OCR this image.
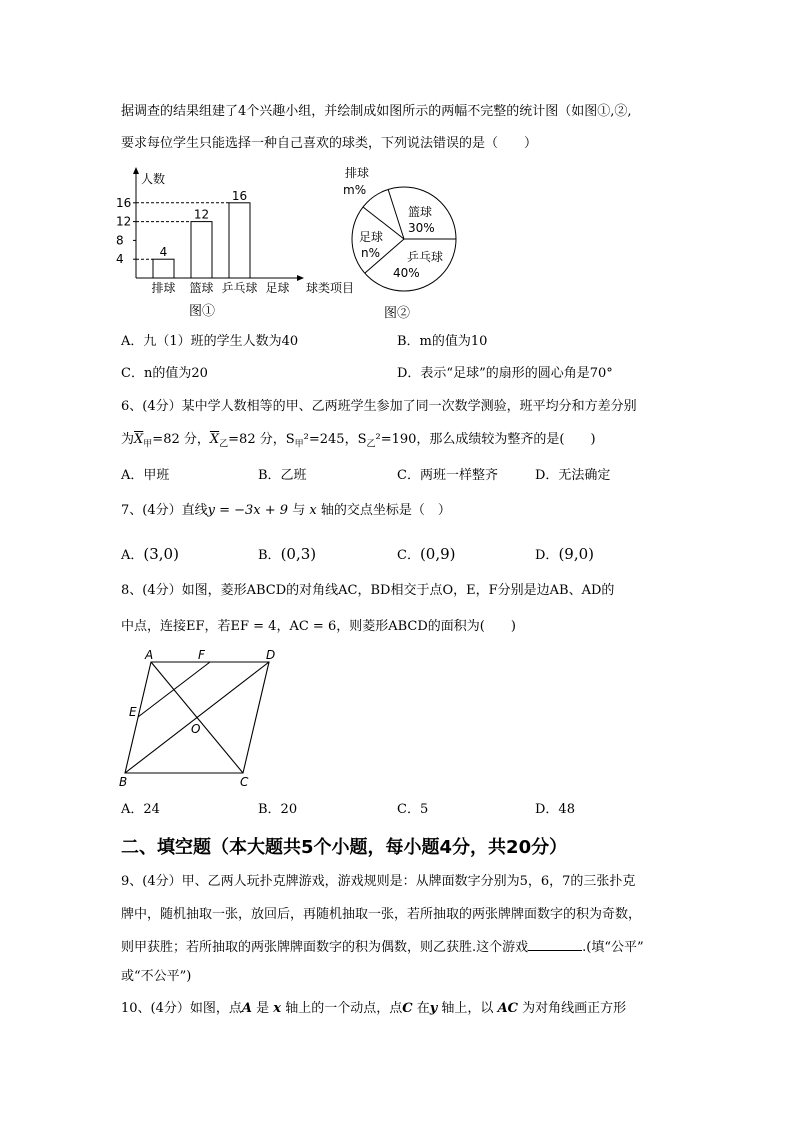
据调查的结果组建了4个兴趣小组，并绘制成如图所示的两幅不完整的统计图（如图①,②,
要求每位学生只能选择一种自己喜欢的球类，下列说法错误的是（　　）
4
8
12
16
4
排球
12
篮球
16
乒乓球 足球
人数
球类项目
图①
排球
m%
篮球
30%
足球
n% 乒乓球
40%
图②
A．九（1）班的学生人数为40	B．m的值为10
C．n的值为20	D．表示“足球”的扇形的圆心角是70°
6、(4分）某中学人数相等的甲、乙两班学生参加了同一次数学测验，班平均分和方差分别
为$\overline{X}_甲=82$ 分，$\overline{X}_乙=82$ 分，$S_甲^2=245$，$S_乙^2=190$，那么成绩较为整齐的是(　　)
A．甲班	B．乙班	C．两班一样整齐	D．无法确定
7、(4分）直线y = −3x + 9 与 x 轴的交点坐标是（　）
A．(3,0)	B．(0,3)	C．(0,9)	D．(9,0)
8、(4分）如图，菱形ABCD的对角线AC，BD相交于点O，E，F分别是边AB、AD的
中点，连接EF，若EF = 4，AC = 6，则菱形ABCD的面积为(　　)
A	F	D
E
O
B	C
A．24	B．20	C．5	D．48
二、填空题（本大题共5个小题，每小题4分，共20分）
9、(4分）甲、乙两人玩扑克牌游戏，游戏规则是：从牌面数字分别为5，6，7的三张扑克
牌中，随机抽取一张，放回后，再随机抽取一张，若所抽取的两张牌牌面数字的积为奇数，
则甲获胜；若所抽取的两张牌牌面数字的积为偶数，则乙获胜.这个游戏	.(填“公平”
或“不公平”)
10、(4分）如图，点A 是 x 轴上的一个动点，点C 在y 轴上，以 AC 为对角线画正方形
